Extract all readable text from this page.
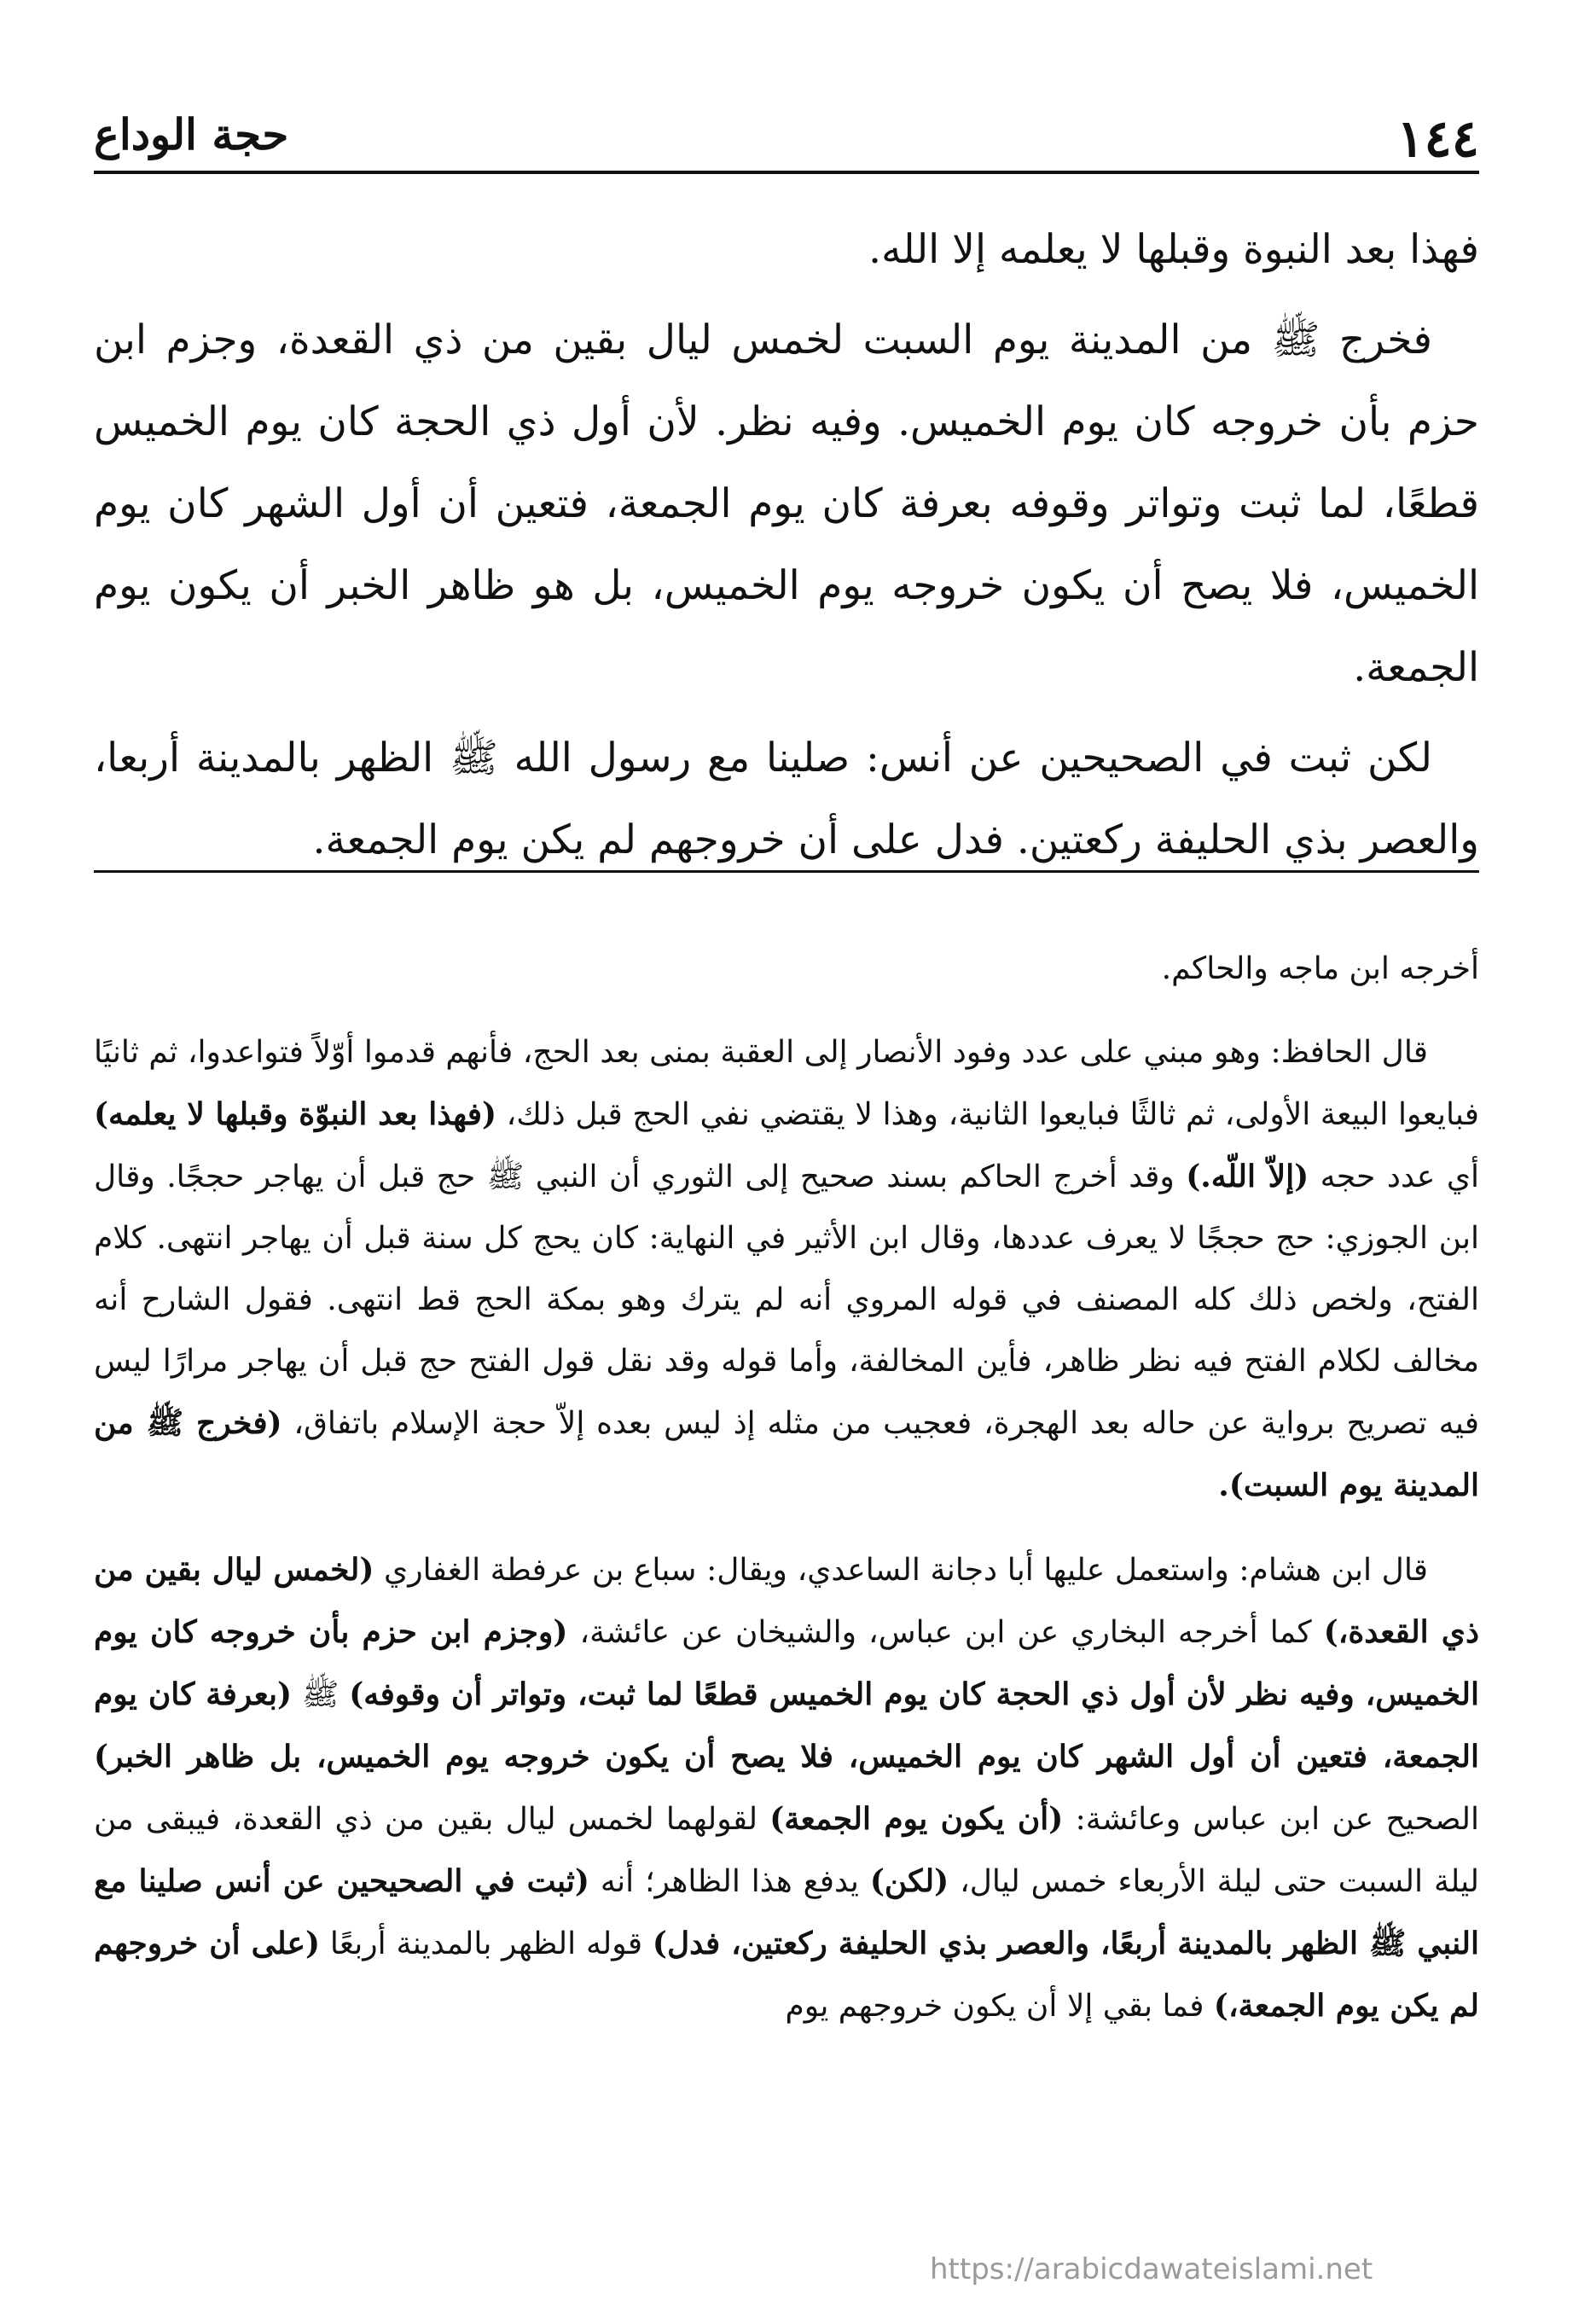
١٤٤
حجة الوداع

فهذا بعد النبوة وقبلها لا يعلمه إلا الله.

فخرج ﷺ من المدينة يوم السبت لخمس ليال بقين من ذي القعدة، وجزم ابن حزم بأن خروجه كان يوم الخميس. وفيه نظر. لأن أول ذي الحجة كان يوم الخميس قطعًا، لما ثبت وتواتر وقوفه بعرفة كان يوم الجمعة، فتعين أن أول الشهر كان يوم الخميس، فلا يصح أن يكون خروجه يوم الخميس، بل هو ظاهر الخبر أن يكون يوم الجمعة.

لكن ثبت في الصحيحين عن أنس: صلينا مع رسول الله ﷺ الظهر بالمدينة أربعا، والعصر بذي الحليفة ركعتين. فدل على أن خروجهم لم يكن يوم الجمعة.

أخرجه ابن ماجه والحاكم.

قال الحافظ: وهو مبني على عدد وفود الأنصار إلى العقبة بمنى بعد الحج، فأنهم قدموا أوّلاً فتواعدوا، ثم ثانيًا فبايعوا البيعة الأولى، ثم ثالثًا فبايعوا الثانية، وهذا لا يقتضي نفي الحج قبل ذلك، (فهذا بعد النبوّة وقبلها لا يعلمه) أي عدد حجه (إلاّ اللّه.) وقد أخرج الحاكم بسند صحيح إلى الثوري أن النبي ﷺ حج قبل أن يهاجر حججًا. وقال ابن الجوزي: حج حججًا لا يعرف عددها، وقال ابن الأثير في النهاية: كان يحج كل سنة قبل أن يهاجر انتهى. كلام الفتح، ولخص ذلك كله المصنف في قوله المروي أنه لم يترك وهو بمكة الحج قط انتهى. فقول الشارح أنه مخالف لكلام الفتح فيه نظر ظاهر، فأين المخالفة، وأما قوله وقد نقل قول الفتح حج قبل أن يهاجر مرارًا ليس فيه تصريح برواية عن حاله بعد الهجرة، فعجيب من مثله إذ ليس بعده إلاّ حجة الإسلام باتفاق، (فخرج ﷺ من المدينة يوم السبت).

قال ابن هشام: واستعمل عليها أبا دجانة الساعدي، ويقال: سباع بن عرفطة الغفاري (لخمس ليال بقين من ذي القعدة،) كما أخرجه البخاري عن ابن عباس، والشيخان عن عائشة، (وجزم ابن حزم بأن خروجه كان يوم الخميس، وفيه نظر لأن أول ذي الحجة كان يوم الخميس قطعًا لما ثبت، وتواتر أن وقوفه) ﷺ (بعرفة كان يوم الجمعة، فتعين أن أول الشهر كان يوم الخميس، فلا يصح أن يكون خروجه يوم الخميس، بل ظاهر الخبر) الصحيح عن ابن عباس وعائشة: (أن يكون يوم الجمعة) لقولهما لخمس ليال بقين من ذي القعدة، فيبقى من ليلة السبت حتى ليلة الأربعاء خمس ليال، (لكن) يدفع هذا الظاهر؛ أنه (ثبت في الصحيحين عن أنس صلينا مع النبي ﷺ الظهر بالمدينة أربعًا، والعصر بذي الحليفة ركعتين، فدل) قوله الظهر بالمدينة أربعًا (على أن خروجهم لم يكن يوم الجمعة،) فما بقي إلا أن يكون خروجهم يوم

https://arabicdawateislami.net
